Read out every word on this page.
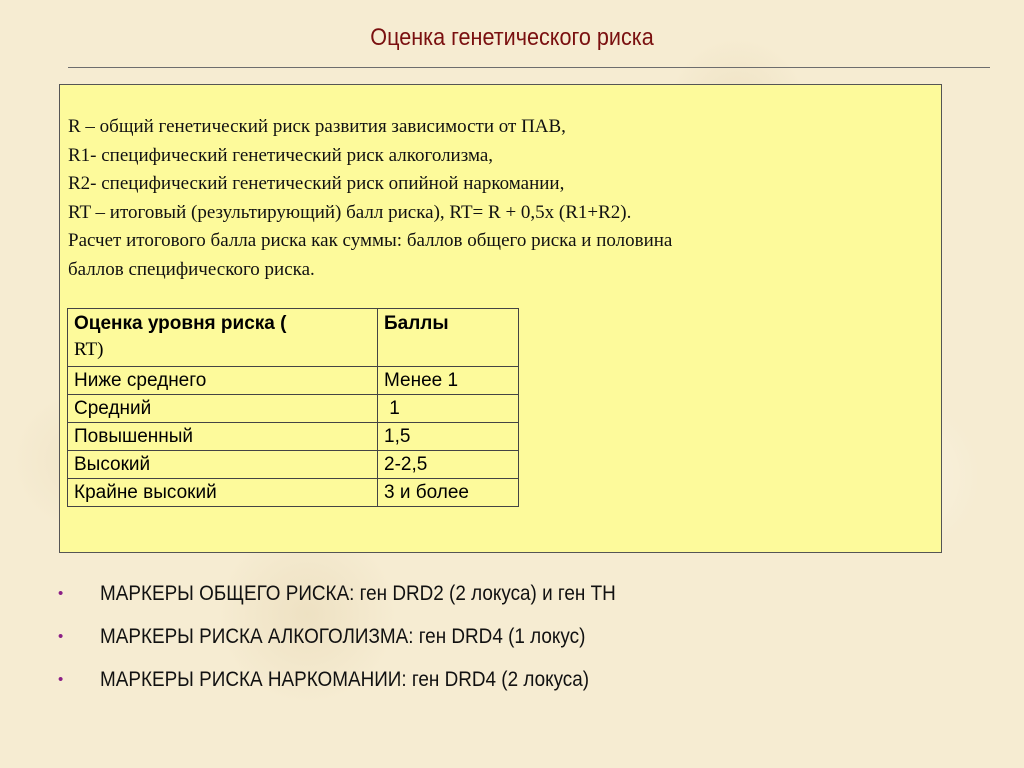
Оценка генетического риска

R – общий генетический риск развития зависимости от ПАВ,

R1- специфический генетический риск алкоголизма,

R2- специфический генетический риск опийной наркомании,

RT – итоговый (результирующий) балл риска), RT= R + 0,5х (R1+R2).

Расчет итогового балла риска как суммы: баллов общего риска и половина

баллов специфического риска.

Оценка уровня риска (
RT)	Баллы
Ниже среднего	Менее 1
Средний	1
Повышенный	1,5
Высокий	2-2,5
Крайне высокий	3 и более
• МАРКЕРЫ ОБЩЕГО РИСКА: ген DRD2 (2 локуса) и ген ТН
• МАРКЕРЫ РИСКА АЛКОГОЛИЗМА: ген DRD4 (1 локус)
• МАРКЕРЫ РИСКА НАРКОМАНИИ: ген DRD4 (2 локуса)
